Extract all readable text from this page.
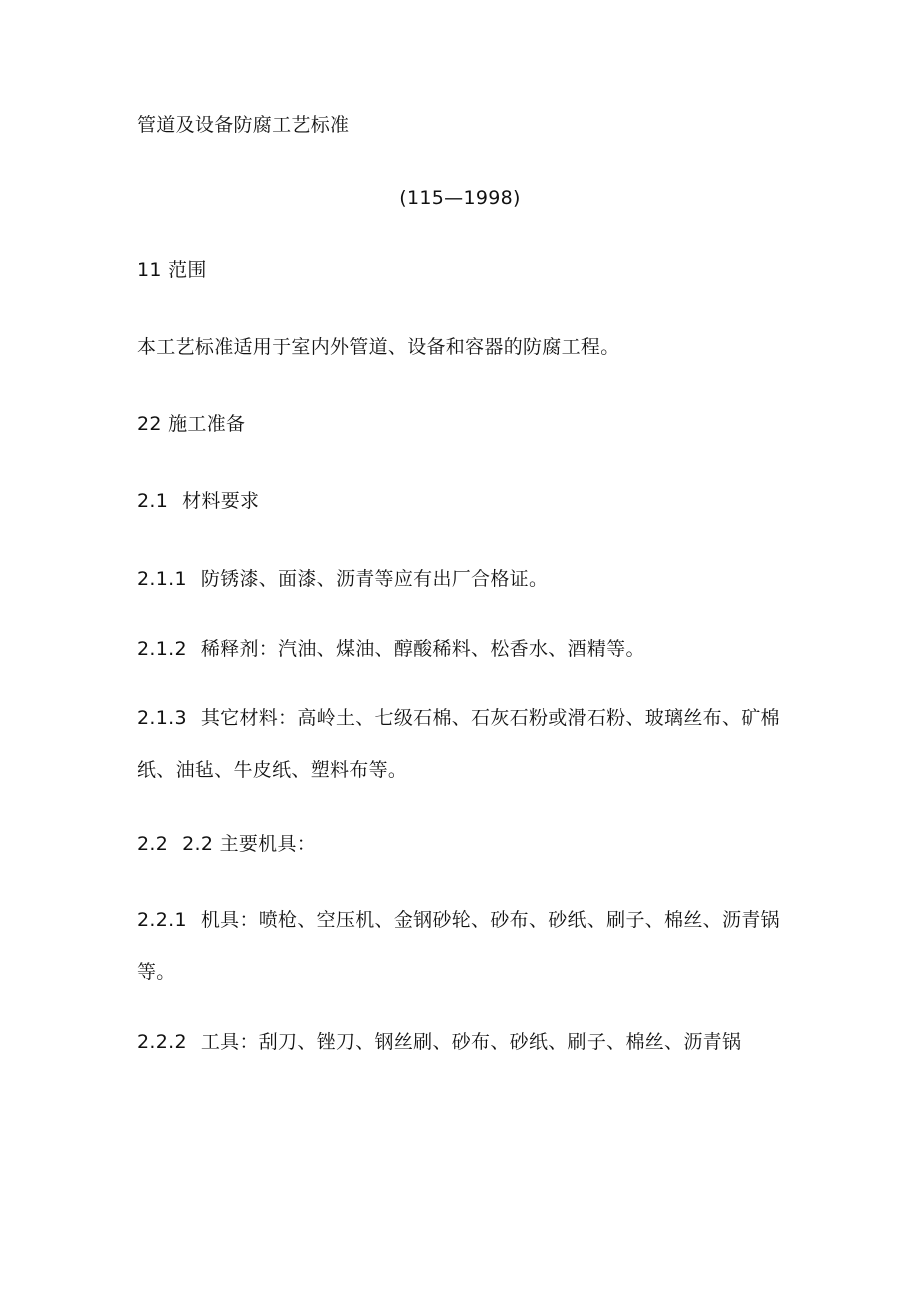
管道及设备防腐工艺标准
(115—1998)
11 范围
本工艺标准适用于室内外管道、设备和容器的防腐工程。
22 施工准备
2.1 材料要求
2.1.1 防锈漆、面漆、沥青等应有出厂合格证。
2.1.2 稀释剂：汽油、煤油、醇酸稀料、松香水、酒精等。
2.1.3 其它材料：高岭土、七级石棉、石灰石粉或滑石粉、玻璃丝布、矿棉纸、油毡、牛皮纸、塑料布等。
2.2 2.2 主要机具：
2.2.1 机具：喷枪、空压机、金钢砂轮、砂布、砂纸、刷子、棉丝、沥青锅等。
2.2.2 工具：刮刀、锉刀、钢丝刷、砂布、砂纸、刷子、棉丝、沥青锅
